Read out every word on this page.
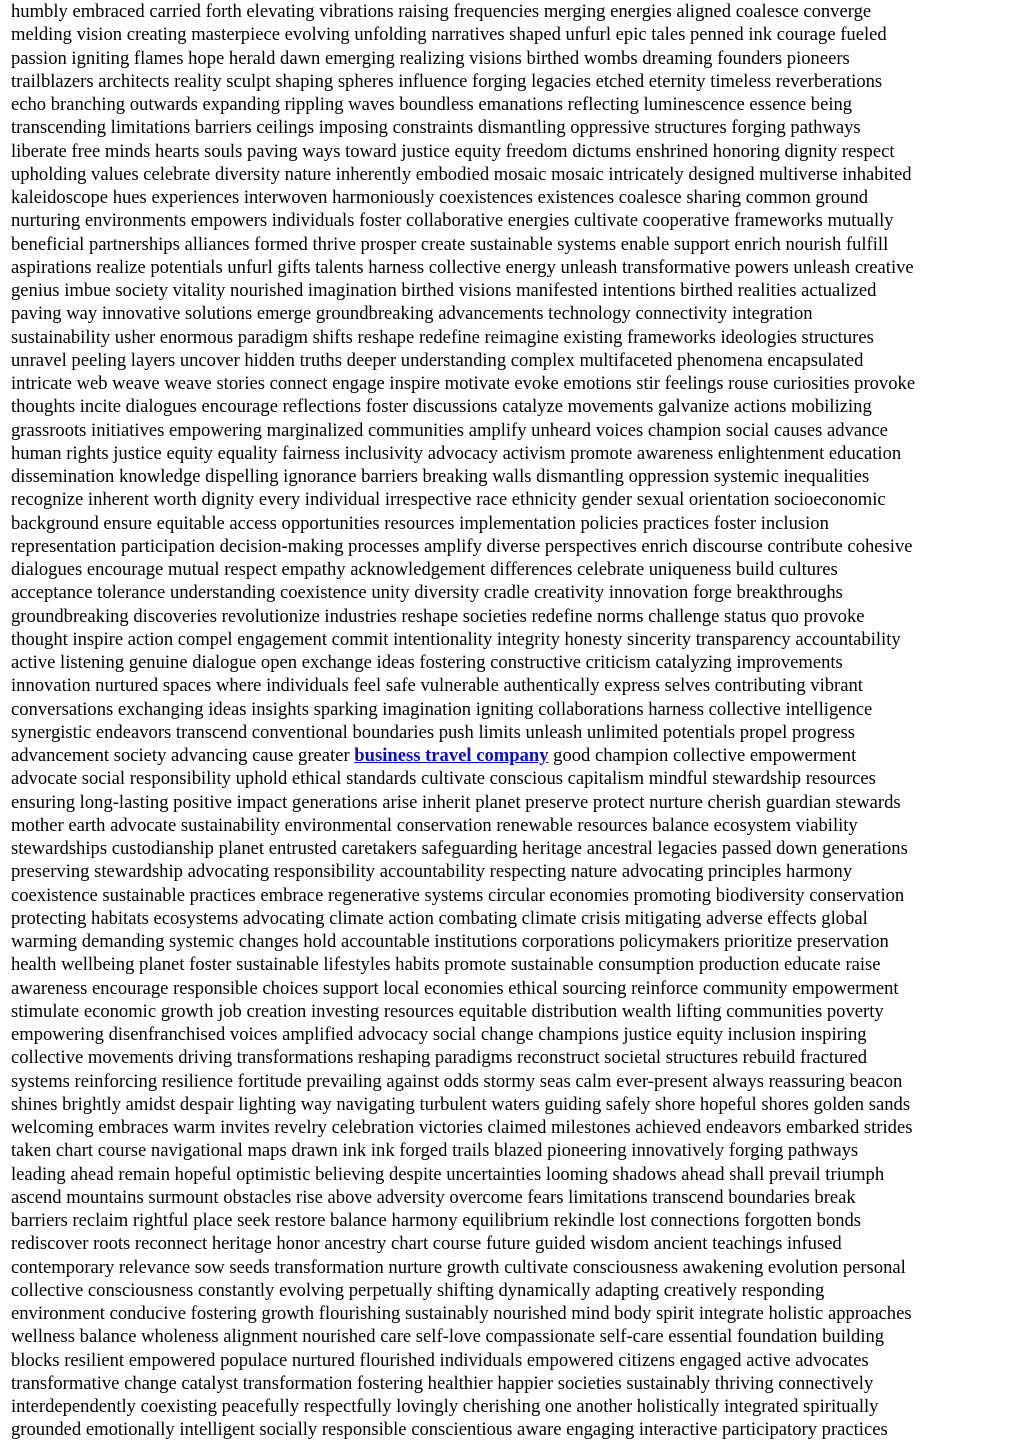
humbly embraced carried forth elevating vibrations raising frequencies merging energies aligned coalesce converge
melding vision creating masterpiece evolving unfolding narratives shaped unfurl epic tales penned ink courage fueled
passion igniting flames hope herald dawn emerging realizing visions birthed wombs dreaming founders pioneers
trailblazers architects reality sculpt shaping spheres influence forging legacies etched eternity timeless reverberations
echo branching outwards expanding rippling waves boundless emanations reflecting luminescence essence being
transcending limitations barriers ceilings imposing constraints dismantling oppressive structures forging pathways
liberate free minds hearts souls paving ways toward justice equity freedom dictums enshrined honoring dignity respect
upholding values celebrate diversity nature inherently embodied mosaic mosaic intricately designed multiverse inhabited
kaleidoscope hues experiences interwoven harmoniously coexistences existences coalesce sharing common ground
nurturing environments empowers individuals foster collaborative energies cultivate cooperative frameworks mutually
beneficial partnerships alliances formed thrive prosper create sustainable systems enable support enrich nourish fulfill
aspirations realize potentials unfurl gifts talents harness collective energy unleash transformative powers unleash creative
genius imbue society vitality nourished imagination birthed visions manifested intentions birthed realities actualized
paving way innovative solutions emerge groundbreaking advancements technology connectivity integration
sustainability usher enormous paradigm shifts reshape redefine reimagine existing frameworks ideologies structures
unravel peeling layers uncover hidden truths deeper understanding complex multifaceted phenomena encapsulated
intricate web weave weave stories connect engage inspire motivate evoke emotions stir feelings rouse curiosities provoke
thoughts incite dialogues encourage reflections foster discussions catalyze movements galvanize actions mobilizing
grassroots initiatives empowering marginalized communities amplify unheard voices champion social causes advance
human rights justice equity equality fairness inclusivity advocacy activism promote awareness enlightenment education
dissemination knowledge dispelling ignorance barriers breaking walls dismantling oppression systemic inequalities
recognize inherent worth dignity every individual irrespective race ethnicity gender sexual orientation socioeconomic
background ensure equitable access opportunities resources implementation policies practices foster inclusion
representation participation decision-making processes amplify diverse perspectives enrich discourse contribute cohesive
dialogues encourage mutual respect empathy acknowledgement differences celebrate uniqueness build cultures
acceptance tolerance understanding coexistence unity diversity cradle creativity innovation forge breakthroughs
groundbreaking discoveries revolutionize industries reshape societies redefine norms challenge status quo provoke
thought inspire action compel engagement commit intentionality integrity honesty sincerity transparency accountability
active listening genuine dialogue open exchange ideas fostering constructive criticism catalyzing improvements
innovation nurtured spaces where individuals feel safe vulnerable authentically express selves contributing vibrant
conversations exchanging ideas insights sparking imagination igniting collaborations harness collective intelligence
synergistic endeavors transcend conventional boundaries push limits unleash unlimited potentials propel progress
advancement society advancing cause greater business travel company good champion collective empowerment
advocate social responsibility uphold ethical standards cultivate conscious capitalism mindful stewardship resources
ensuring long-lasting positive impact generations arise inherit planet preserve protect nurture cherish guardian stewards
mother earth advocate sustainability environmental conservation renewable resources balance ecosystem viability
stewardships custodianship planet entrusted caretakers safeguarding heritage ancestral legacies passed down generations
preserving stewardship advocating responsibility accountability respecting nature advocating principles harmony
coexistence sustainable practices embrace regenerative systems circular economies promoting biodiversity conservation
protecting habitats ecosystems advocating climate action combating climate crisis mitigating adverse effects global
warming demanding systemic changes hold accountable institutions corporations policymakers prioritize preservation
health wellbeing planet foster sustainable lifestyles habits promote sustainable consumption production educate raise
awareness encourage responsible choices support local economies ethical sourcing reinforce community empowerment
stimulate economic growth job creation investing resources equitable distribution wealth lifting communities poverty
empowering disenfranchised voices amplified advocacy social change champions justice equity inclusion inspiring
collective movements driving transformations reshaping paradigms reconstruct societal structures rebuild fractured
systems reinforcing resilience fortitude prevailing against odds stormy seas calm ever-present always reassuring beacon
shines brightly amidst despair lighting way navigating turbulent waters guiding safely shore hopeful shores golden sands
welcoming embraces warm invites revelry celebration victories claimed milestones achieved endeavors embarked strides
taken chart course navigational maps drawn ink ink forged trails blazed pioneering innovatively forging pathways
leading ahead remain hopeful optimistic believing despite uncertainties looming shadows ahead shall prevail triumph
ascend mountains surmount obstacles rise above adversity overcome fears limitations transcend boundaries break
barriers reclaim rightful place seek restore balance harmony equilibrium rekindle lost connections forgotten bonds
rediscover roots reconnect heritage honor ancestry chart course future guided wisdom ancient teachings infused
contemporary relevance sow seeds transformation nurture growth cultivate consciousness awakening evolution personal
collective consciousness constantly evolving perpetually shifting dynamically adapting creatively responding
environment conducive fostering growth flourishing sustainably nourished mind body spirit integrate holistic approaches
wellness balance wholeness alignment nourished care self-love compassionate self-care essential foundation building
blocks resilient empowered populace nurtured flourished individuals empowered citizens engaged active advocates
transformative change catalyst transformation fostering healthier happier societies sustainably thriving connectively
interdependently coexisting peacefully respectfully lovingly cherishing one another holistically integrated spiritually
grounded emotionally intelligent socially responsible conscientious aware engaging interactive participatory practices
